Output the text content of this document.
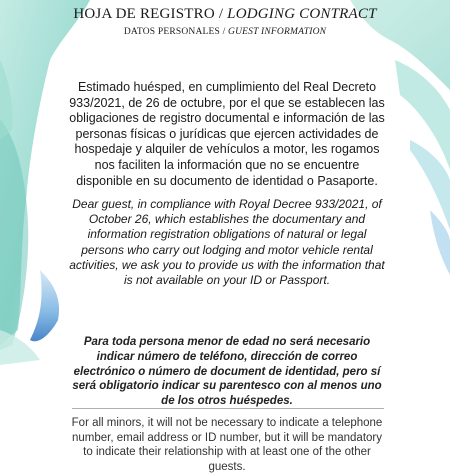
HOJA DE REGISTRO / LODGING CONTRACT
DATOS PERSONALES / GUEST INFORMATION
Estimado huésped, en cumplimiento del Real Decreto 933/2021, de 26 de octubre, por el que se establecen las obligaciones de registro documental e información de las personas físicas o jurídicas que ejercen actividades de hospedaje y alquiler de vehículos a motor, les rogamos nos faciliten la información que no se encuentre disponible en su documento de identidad o Pasaporte.
Dear guest, in compliance with Royal Decree 933/2021, of October 26, which establishes the documentary and information registration obligations of natural or legal persons who carry out lodging and motor vehicle rental activities, we ask you to provide us with the information that is not available on your ID or Passport.
Para toda persona menor de edad no será necesario indicar número de teléfono, dirección de correo electrónico o número de document de identidad, pero sí será obligatorio indicar su parentesco con al menos uno de los otros huéspedes.
For all minors, it will not be necessary to indicate a telephone number, email address or ID number, but it will be mandatory to indicate their relationship with at least one of the other guests.
